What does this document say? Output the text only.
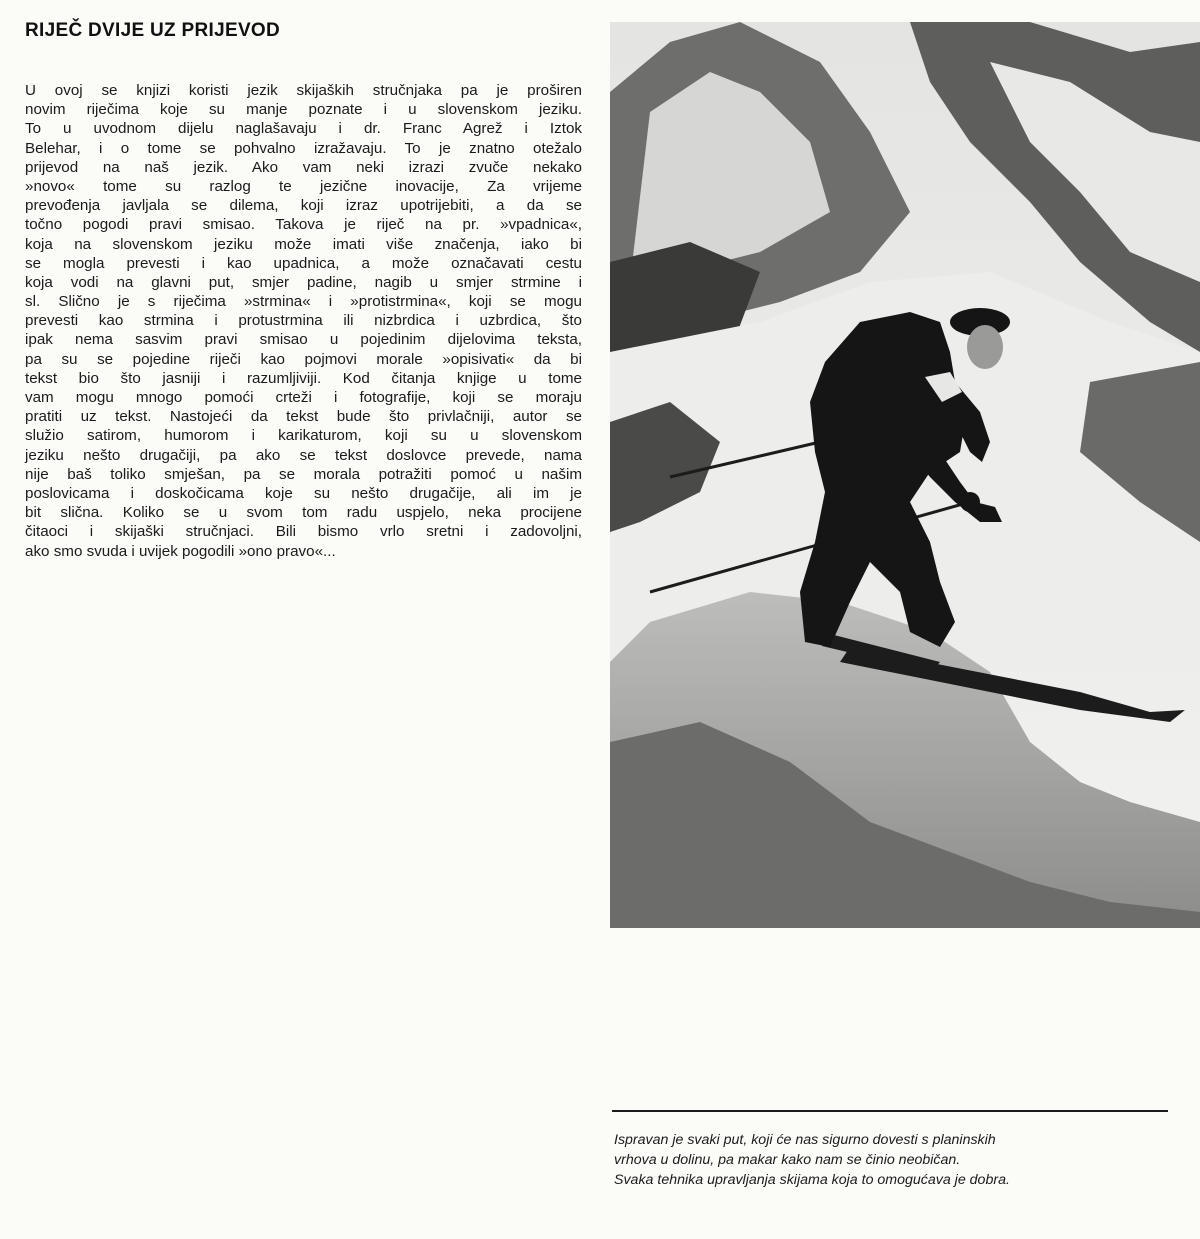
RIJEČ DVIJE UZ PRIJEVOD
U ovoj se knjizi koristi jezik skijaških stručnjaka pa je proširen
novim riječima koje su manje poznate i u slovenskom jeziku.
To u uvodnom dijelu naglašavaju i dr. Franc Agrež i Iztok
Belehar, i o tome se pohvalno izražavaju. To je znatno otežalo
prijevod na naš jezik. Ako vam neki izrazi zvuče nekako
»novo« tome su razlog te jezične inovacije, Za vrijeme
prevođenja javljala se dilema, koji izraz upotrijebiti, a da se
točno pogodi pravi smisao. Takova je riječ na pr. »vpadnica«,
koja na slovenskom jeziku može imati više značenja, iako bi
se mogla prevesti i kao upadnica, a može označavati cestu
koja vodi na glavni put, smjer padine, nagib u smjer strmine i
sl. Slično je s riječima »strmina« i »protistrmina«, koji se mogu
prevesti kao strmina i protustrmina ili nizbrdica i uzbrdica, što
ipak nema sasvim pravi smisao u pojedinim dijelovima teksta,
pa su se pojedine riječi kao pojmovi morale »opisivati« da bi
tekst bio što jasniji i razumljiviji. Kod čitanja knjige u tome
vam mogu mnogo pomoći crteži i fotografije, koji se moraju
pratiti uz tekst. Nastojeći da tekst bude što privlačniji, autor se
služio satirom, humorom i karikaturom, koji su u slovenskom
jeziku nešto drugačiji, pa ako se tekst doslovce prevede, nama
nije baš toliko smješan, pa se morala potražiti pomoć u našim
poslovicama i doskočicama koje su nešto drugačije, ali im je
bit slična. Koliko se u svom tom radu uspjelo, neka procijene
čitaoci i skijaški stručnjaci. Bili bismo vrlo sretni i zadovoljni,
ako smo svuda i uvijek pogodili »ono pravo«...
Ispravan je svaki put, koji će nas sigurno dovesti s planinskih
vrhova u dolinu, pa makar kako nam se činio neobičan.
Svaka tehnika upravljanja skijama koja to omogućava je dobra.
